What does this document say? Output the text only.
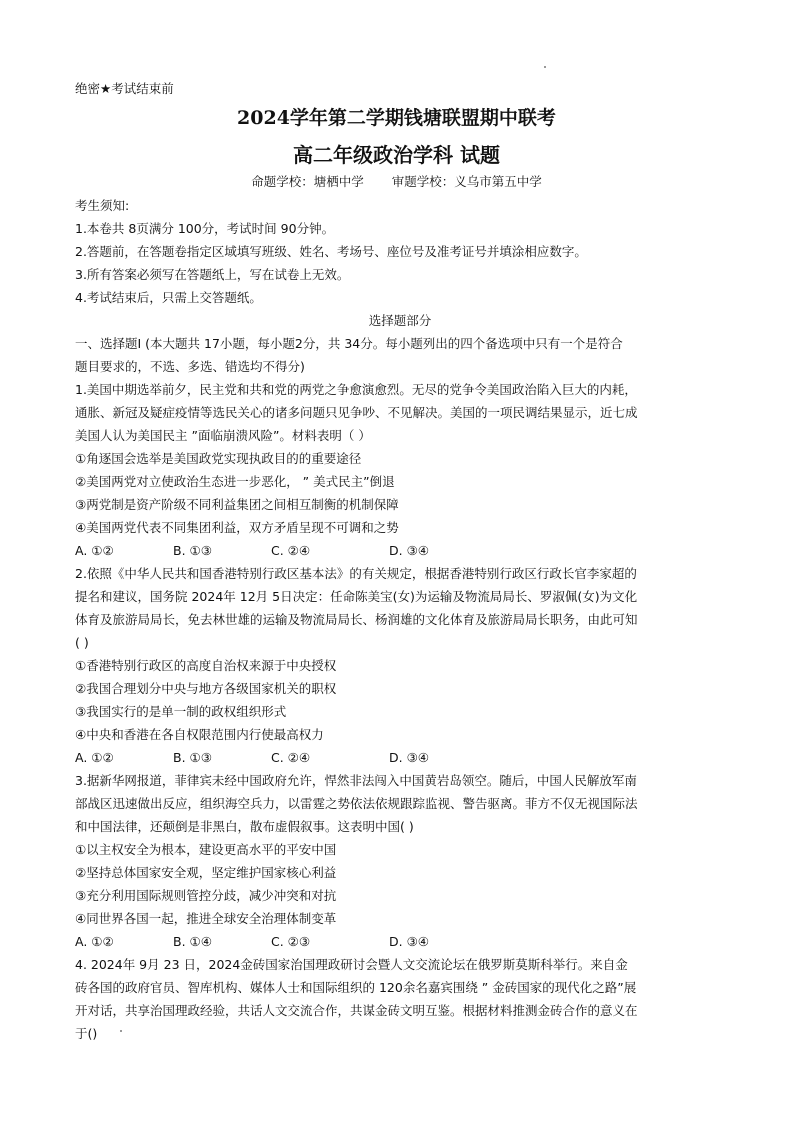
绝密★考试结束前
2024学年第二学期钱塘联盟期中联考
高二年级政治学科 试题
命题学校：塘栖中学 审题学校：义乌市第五中学

考生须知:

1.本卷共 8页满分 100分，考试时间 90分钟。

2.答题前，在答题卷指定区域填写班级、姓名、考场号、座位号及准考证号并填涂相应数字。

3.所有答案必须写在答题纸上，写在试卷上无效。

4.考试结束后，只需上交答题纸。

选择题部分

一、选择题Ⅰ (本大题共 17小题，每小题2分，共 34分。每小题列出的四个备选项中只有一个是符合

题目要求的，不选、多选、错选均不得分)

1.美国中期选举前夕，民主党和共和党的两党之争愈演愈烈。无尽的党争令美国政治陷入巨大的内耗，

通胀、新冠及疑症疫情等选民关心的诸多问题只见争吵、不见解决。美国的一项民调结果显示，近七成

美国人认为美国民主 ”面临崩溃风险”。材料表明（ ）

①角逐国会选举是美国政党实现执政目的的重要途径

②美国两党对立使政治生态进一步恶化， ” 美式民主”倒退

③两党制是资产阶级不同利益集团之间相互制衡的机制保障

④美国两党代表不同集团利益，双方矛盾呈现不可调和之势

A. ①②	B. ①③	C. ②④	D. ③④

2.依照《中华人民共和国香港特别行政区基本法》的有关规定，根据香港特别行政区行政长官李家超的

提名和建议，国务院 2024年 12月 5日决定：任命陈美宝(女)为运输及物流局局长、罗淑佩(女)为文化

体育及旅游局局长，免去林世雄的运输及物流局局长、杨润雄的文化体育及旅游局局长职务，由此可知

( )

①香港特别行政区的高度自治权来源于中央授权

②我国合理划分中央与地方各级国家机关的职权

③我国实行的是单一制的政权组织形式

④中央和香港在各自权限范围内行使最高权力

A. ①②	B. ①③	C. ②④	D. ③④

3.据新华网报道，菲律宾未经中国政府允许，悍然非法闯入中国黄岩岛领空。随后，中国人民解放军南

部战区迅速做出反应，组织海空兵力，以雷霆之势依法依规跟踪监视、警告驱离。菲方不仅无视国际法

和中国法律，还颠倒是非黑白，散布虚假叙事。这表明中国( )

①以主权安全为根本，建设更高水平的平安中国

②坚持总体国家安全观，坚定维护国家核心利益

③充分利用国际规则管控分歧，减少冲突和对抗

④同世界各国一起，推进全球安全治理体制变革

A. ①②	B. ①④	C. ②③	D. ③④

4. 2024年 9月 23 日，2024金砖国家治国理政研讨会暨人文交流论坛在俄罗斯莫斯科举行。来自金

砖各国的政府官员、智库机构、媒体人士和国际组织的 120余名嘉宾围绕 ” 金砖国家的现代化之路”展

开对话，共享治国理政经验，共话人文交流合作，共谋金砖文明互鉴。根据材料推测金砖合作的意义在

于()
